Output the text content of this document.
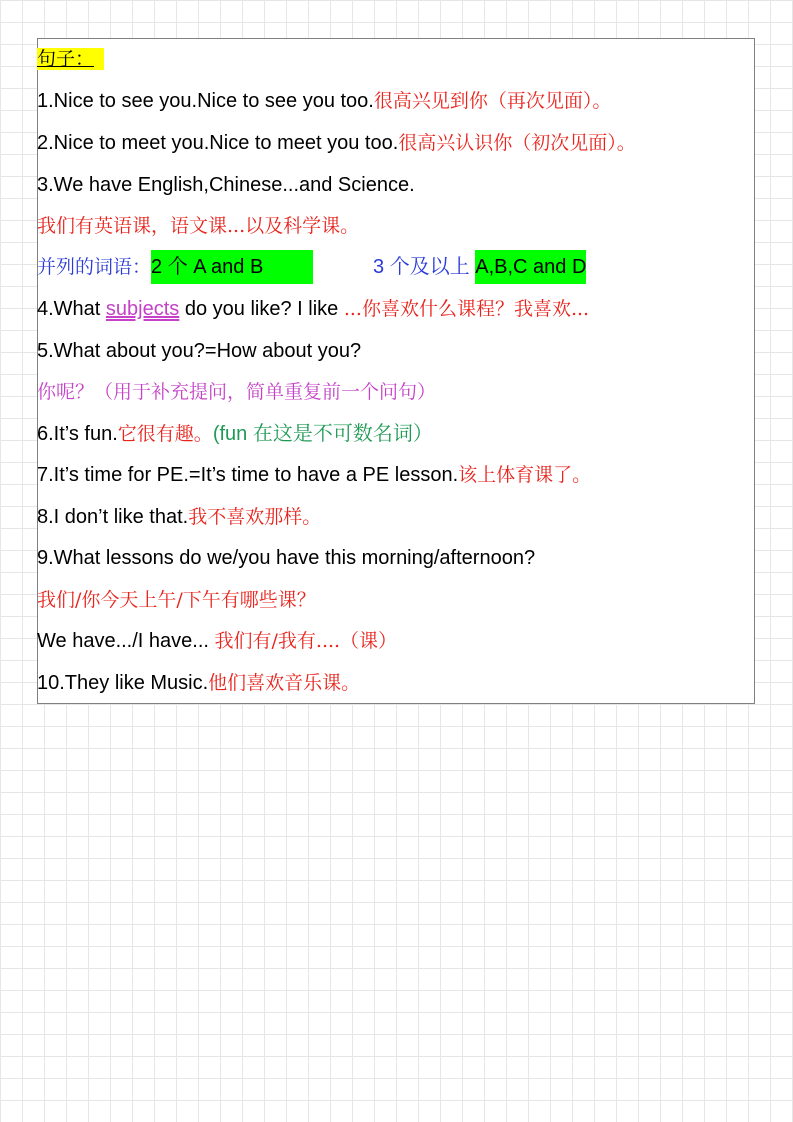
句子：
1.Nice to see you.Nice to see you too.很高兴见到你（再次见面）。
2.Nice to meet you.Nice to meet you too.很高兴认识你（初次见面）。
3.We have English,Chinese...and Science.
我们有英语课，语文课...以及科学课。
并列的词语：2 个 A and B	3 个及以上 A,B,C and D
4.What subjects do you like? I like ...你喜欢什么课程？我喜欢...
5.What about you?=How about you?
你呢？（用于补充提问，简单重复前一个问句）
6.It’s fun.它很有趣。(fun 在这是不可数名词）
7.It’s time for PE.=It’s time to have a PE lesson.该上体育课了。
8.I don’t like that.我不喜欢那样。
9.What lessons do we/you have this morning/afternoon?
我们/你今天上午/下午有哪些课？
We have.../I have... 我们有/我有....（课）
10.They like Music.他们喜欢音乐课。
